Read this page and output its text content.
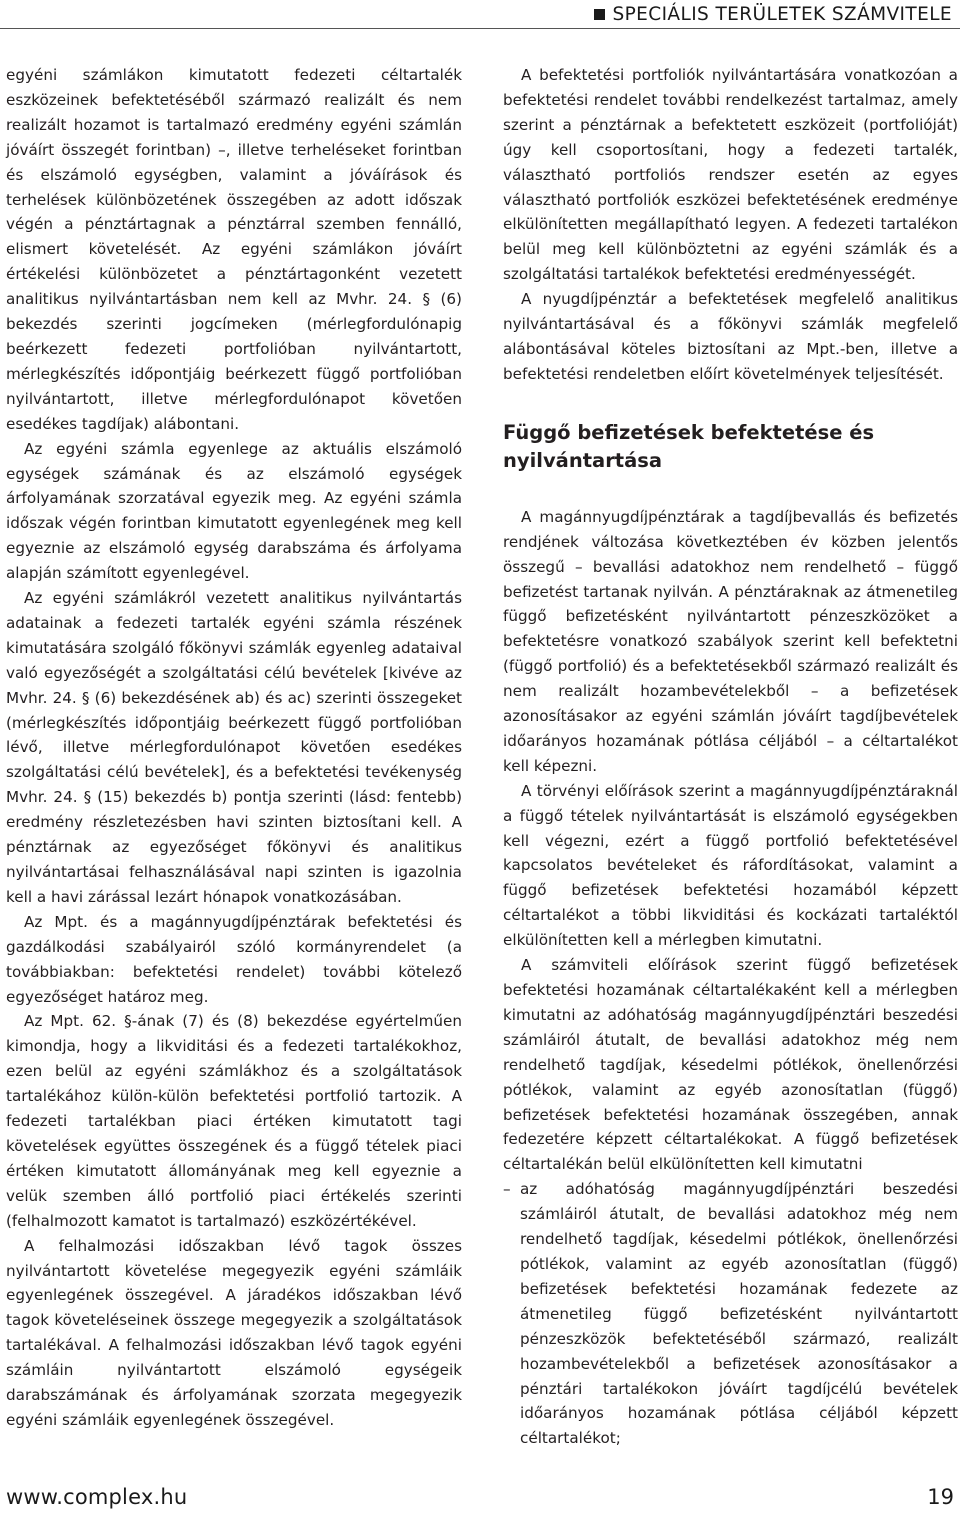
SPECIÁLIS TERÜLETEK SZÁMVITELE

egyéni számlákon kimutatott fedezeti céltartalék eszközeinek befektetéséből származó realizált és nem realizált hozamot is tartalmazó eredmény egyéni számlán jóváírt összegét forintban) –, illetve terheléseket forintban és elszámoló egységben, valamint a jóváírások és terhelések különbözetének összegében az adott időszak végén a pénztártagnak a pénztárral szemben fennálló, elismert követelését. Az egyéni számlákon jóváírt értékelési különbözetet a pénztártagonként vezetett analitikus nyilvántartásban nem kell az Mvhr. 24. § (6) bekezdés szerinti jogcímeken (mérlegfordulónapig beérkezett fedezeti portfolióban nyilvántartott, mérlegkészítés időpontjáig beérkezett függő portfolióban nyilvántartott, illetve mérlegfordulónapot követően esedékes tagdíjak) alábontani.

Az egyéni számla egyenlege az aktuális elszámoló egységek számának és az elszámoló egységek árfolyamának szorzatával egyezik meg. Az egyéni számla időszak végén forintban kimutatott egyenlegének meg kell egyeznie az elszámoló egység darabszáma és árfolyama alapján számított egyenlegével.

Az egyéni számlákról vezetett analitikus nyilvántartás adatainak a fedezeti tartalék egyéni számla részének kimutatására szolgáló főkönyvi számlák egyenleg adataival való egyezőségét a szolgáltatási célú bevételek [kivéve az Mvhr. 24. § (6) bekezdésének ab) és ac) szerinti összegeket (mérlegkészítés időpontjáig beérkezett függő portfolióban lévő, illetve mérlegfordulónapot követően esedékes szolgáltatási célú bevételek], és a befektetési tevékenység Mvhr. 24. § (15) bekezdés b) pontja szerinti (lásd: fentebb) eredmény részletezésben havi szinten biztosítani kell. A pénztárnak az egyezőséget főkönyvi és analitikus nyilvántartásai felhasználásával napi szinten is igazolnia kell a havi zárással lezárt hónapok vonatkozásában.

Az Mpt. és a magánnyugdíjpénztárak befektetési és gazdálkodási szabályairól szóló kormányrendelet (a továbbiakban: befektetési rendelet) további kötelező egyezőséget határoz meg.

Az Mpt. 62. §-ának (7) és (8) bekezdése egyértelműen kimondja, hogy a likviditási és a fedezeti tartalékokhoz, ezen belül az egyéni számlákhoz és a szolgáltatások tartalékához külön-külön befektetési portfolió tartozik. A fedezeti tartalékban piaci értéken kimutatott tagi követelések együttes összegének és a függő tételek piaci értéken kimutatott állományának meg kell egyeznie a velük szemben álló portfolió piaci értékelés szerinti (felhalmozott kamatot is tartalmazó) eszközértékével.

A felhalmozási időszakban lévő tagok összes nyilvántartott követelése megegyezik egyéni számláik egyenlegének összegével. A járadékos időszakban lévő tagok követeléseinek összege megegyezik a szolgáltatások tartalékával. A felhalmozási időszakban lévő tagok egyéni számláin nyilvántartott elszámoló egységeik darabszámának és árfolyamának szorzata megegyezik egyéni számláik egyenlegének összegével.

A befektetési portfoliók nyilvántartására vonatkozóan a befektetési rendelet további rendelkezést tartalmaz, amely szerint a pénztárnak a befektetett eszközeit (portfolióját) úgy kell csoportosítani, hogy a fedezeti tartalék, választható portfoliós rendszer esetén az egyes választható portfoliók eszközei befektetésének eredménye elkülönítetten megállapítható legyen. A fedezeti tartalékon belül meg kell különböztetni az egyéni számlák és a szolgáltatási tartalékok befektetési eredményességét.

A nyugdíjpénztár a befektetések megfelelő analitikus nyilvántartásával és a főkönyvi számlák megfelelő alábontásával köteles biztosítani az Mpt.-ben, illetve a befektetési rendeletben előírt követelmények teljesítését.

Függő befizetések befektetése és nyilvántartása

A magánnyugdíjpénztárak a tagdíjbevallás és befizetés rendjének változása következtében év közben jelentős összegű – bevallási adatokhoz nem rendelhető – függő befizetést tartanak nyilván. A pénztáraknak az átmenetileg függő befizetésként nyilvántartott pénzeszközöket a befektetésre vonatkozó szabályok szerint kell befektetni (függő portfolió) és a befektetésekből származó realizált és nem realizált hozambevételekből – a befizetések azonosításakor az egyéni számlán jóváírt tagdíjbevételek időarányos hozamának pótlása céljából – a céltartalékot kell képezni.

A törvényi előírások szerint a magánnyugdíjpénztáraknál a függő tételek nyilvántartását is elszámoló egységekben kell végezni, ezért a függő portfolió befektetésével kapcsolatos bevételeket és ráfordításokat, valamint a függő befizetések befektetési hozamából képzett céltartalékot a többi likviditási és kockázati tartaléktól elkülönítetten kell a mérlegben kimutatni.

A számviteli előírások szerint függő befizetések befektetési hozamának céltartalékaként kell a mérlegben kimutatni az adóhatóság magánnyugdíjpénztári beszedési számláiról átutalt, de bevallási adatokhoz még nem rendelhető tagdíjak, késedelmi pótlékok, önellenőrzési pótlékok, valamint az egyéb azonosítatlan (függő) befizetések befektetési hozamának összegében, annak fedezetére képzett céltartalékokat. A függő befizetések céltartalékán belül elkülönítetten kell kimutatni

– az adóhatóság magánnyugdíjpénztári beszedési számláiról átutalt, de bevallási adatokhoz még nem rendelhető tagdíjak, késedelmi pótlékok, önellenőrzési pótlékok, valamint az egyéb azonosítatlan (függő) befizetések befektetési hozamának fedezete az átmenetileg függő befizetésként nyilvántartott pénzeszközök befektetéséből származó, realizált hozambevételekből a befizetések azonosításakor a pénztári tartalékokon jóváírt tagdíjcélú bevételek időarányos hozamának pótlása céljából képzett céltartalékot;
www.complex.hu	19
